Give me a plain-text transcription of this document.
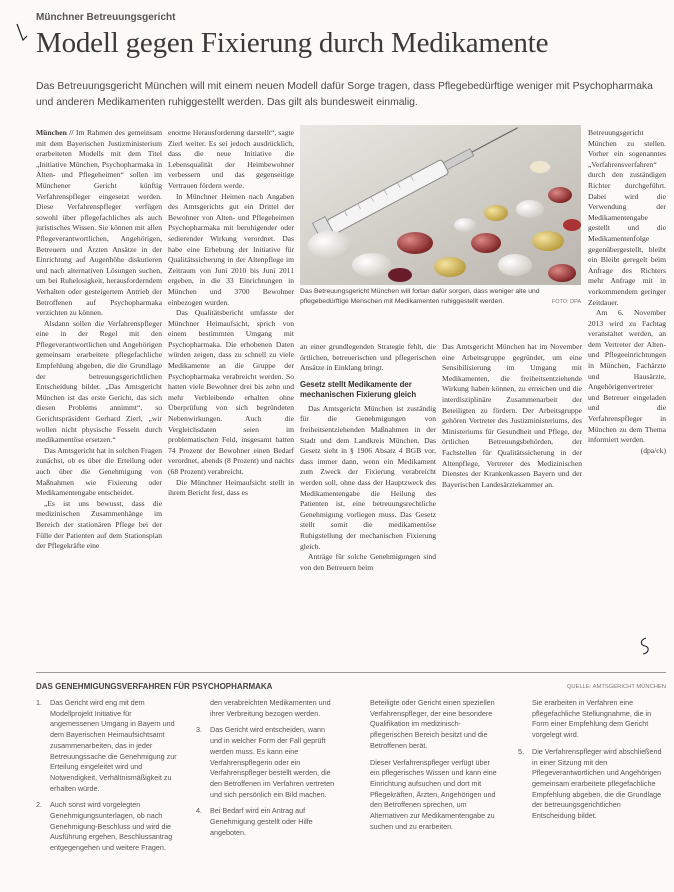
Münchner Betreuungsgericht
Modell gegen Fixierung durch Medikamente

Das Betreuungsgericht München will mit einem neuen Modell dafür Sorge tragen, dass Pflegebedürftige weniger mit Psychopharmaka und anderen Medikamenten ruhiggestellt werden. Das gilt als bundesweit einmalig.

München // Im Rahmen des gemeinsam mit dem Bayerischen Justizministerium erarbeiteten Modells mit dem Titel „Initiative München, Psychopharmaka in Alten- und Pflegeheimen“ sollen im Münchener Gericht künftig Verfahrenspfleger eingesetzt werden. Diese Verfahrenspfleger verfügen sowohl über pflegefachliches als auch juristisches Wissen. Sie können mit allen Pflegeverantwortlichen, Angehörigen, Betreuern und Ärzten Ansätze in der Einrichtung auf Augenhöhe diskutieren und nach alternativen Lösungen suchen, um bei Ruhelosigkeit, herausforderndem Verhalten oder gesteigertem Antrieb der Betroffenen auf Psychopharmaka verzichten zu können.

Alsdann sollen die Verfahrenspfleger eine in der Regel mit den Pflegeverantwortlichen und Angehörigen gemeinsam erarbeitete pflegefachliche Empfehlung abgeben, die die Grundlage der betreuungsgerichtlichen Entscheidung bildet. „Das Amtsgericht München ist das erste Gericht, das sich diesen Problems annimmt“, so Gerichtspräsident Gerhard Zierl, „wir wollen nicht physische Fesseln durch medikamentöse ersetzen.“

Das Amtsgericht hat in solchen Fragen zunächst, ob es über die Erteilung oder auch über die Genehmigung von Maßnahmen wie Fixierung oder Medikamentengabe entscheidet.

„Es ist uns bewusst, dass die medizinischen Zusammenhänge im Bereich der stationären Pflege bei der Fülle der Patienten auf dem Stationsplan der Pflegekräfte eine

enorme Herausforderung darstellt“, sagte Zierl weiter. Es sei jedoch ausdrücklich, dass die neue Initiative die Lebensqualität der Heimbewohner verbessern und das gegenseitige Vertrauen fördern werde.

In Münchner Heimen nach Angaben des Amtsgerichts gut ein Drittel der Bewohner von Alten- und Pflegeheimen Psychopharmaka mit beruhigender oder sedierender Wirkung verordnet. Das habe eine Erhebung der Initiative für Qualitätssicherung in der Altenpflege im Zeitraum von Juni 2010 bis Juni 2011 ergeben, in die 33 Einrichtungen in München und 3700 Bewohner einbezogen wurden.

Das Qualitätsbericht umfasste der Münchner Heimaufsicht, sprich von einem bestimmten Umgang mit Psychopharmaka. Die erhobenen Daten würden zeigen, dass zu schnell zu viele Medikamente an die Gruppe der Psychopharmaka verabreicht werden. So hatten viele Bewohner drei bis zehn und mehr Verbleibende erhalten ohne Überprüfung von sich begründeten Nebenwirkungen. Auch die Vergleichsdaten seien im problematischen Feld, insgesamt hatten 74 Prozent der Bewohner einen Bedarf verordnet, abends (8 Prozent) und nachts (68 Prozent) verabreicht.

Die Münchner Heimaufsicht stellt in ihrem Bericht fest, dass es

Das Betreuungsgericht München will fortan dafür sorgen, dass weniger alte und pflegebedürftige Menschen mit Medikamenten ruhiggestellt werden.	FOTO: DPA

an einer grundlegenden Strategie fehlt, die örtlichen, betreuerischen und pflegerischen Ansätze in Einklang bringt.

Gesetz stellt Medikamente der mechanischen Fixierung gleich

Das Amtsgericht München ist zuständig für die Genehmigungen von freiheitsentziehenden Maßnahmen in der Stadt und dem Landkreis München. Das Gesetz sieht in § 1906 Absatz 4 BGB vor, dass immer dann, wenn ein Medikament zum Zweck der Fixierung verabreicht werden soll, ohne dass der Hauptzweck des Medikamentengabe die Heilung des Patienten ist, eine betreuungsrechtliche Genehmigung vorliegen muss. Das Gesetz stellt somit die medikamentöse Ruhigstellung der mechanischen Fixierung gleich.

Anträge für solche Genehmigungen sind von den Betreuern beim

Das Amtsgericht München hat im November eine Arbeitsgruppe gegründet, um eine Sensibilisierung im Umgang mit Medikamenten, die freiheitsentziehende Wirkung haben können, zu erreichen und die interdisziplinäre Zusammenarbeit der Beteiligten zu fördern. Der Arbeitsgruppe gehören Vertreter des Justizministeriums, des Ministeriums für Gesundheit und Pflege, der örtlichen Betreuungsbehörden, der Fachstellen für Qualitätssicherung in der Altenpflege, Vertreter des Medizinischen Dienstes der Krankenkassen Bayern und der Bayerischen Landesärztekammer an.

Betreuungsgericht München zu stellen. Vorher ein sogenanntes „Verfahrensverfahren“ durch den zuständigen Richter durchgeführt. Dabei wird die Verwendung der Medikamentengabe gestellt und die Medikamentenfolge gegenübergestellt, bleibt ein Bleibt geregelt beim Anfrage des Richters mehr Anfrage mit in vorkommendem geringer Zeitdauer.

Am 6. November 2013 wird zu Fachtag veranstaltet werden, an dem Vertreter der Alten- und Pflegeeinrichtungen in München, Fachärzte und Hausärzte, Angehörigenvertreter und Betreuer eingeladen und die Verfahrenspfleger in München zu dem Thema informiert werden.

(dpa/ck)

DAS GENEHMIGUNGSVERFAHREN FÜR PSYCHOPHARMAKA	QUELLE: AMTSGERICHT MÜNCHEN
1.	Das Gericht wird eng mit dem Modellprojekt Initiative für angemessenen Umgang in Bayern und dem Bayerischen Heimaufsichtsamt zusammenarbeiten, das in jeder Betreuungssache die Genehmigung zur Erteilung eingeleitet wird und Notwendigkeit, Verhältnismäßigkeit zu erhalten würde.
2.	Auch sonst wird vorgelegten Genehmigungsunterlagen, ob nach Genehmigung-Beschluss und wird die Ausführung ergehen, Beschlussantrag entgegengehen und weitere Fragen.
den verabreichten Medikamenten und ihrer Verbreitung bezogen werden.
3.	Das Gericht wird entscheiden, wann und in welcher Form der Fall geprüft werden muss. Es kann eine Verfahrenspflegerin oder ein Verfahrenspfleger bestellt werden, die den Betroffenen im Verfahren vertreten und sich persönlich ein Bild machen.
4.	Bei Bedarf wird ein Antrag auf Genehmigung gestellt oder Hilfe angeboten.
Beteiligte oder Gericht einen speziellen Verfahrenspfleger, der eine besondere Qualifikation im medizinisch-pflegerischen Bereich besitzt und die Betroffenen berät.
Dieser Verfahrenspfleger verfügt über ein pflegerisches Wissen und kann eine Einrichtung aufsuchen und dort mit Pflegekräften, Ärzten, Angehörigen und den Betroffenen sprechen, um Alternativen zur Medikamentengabe zu suchen und zu erarbeiten.
Sie erarbeiten in Verfahren eine pflegefachliche Stellungnahme, die in Form einer Empfehlung dem Gericht vorgelegt wird.
5.	Die Verfahrenspfleger wird abschließend in einer Sitzung mit den Pflegeverantwortlichen und Angehörigen gemeinsam erarbeitete pflegefachliche Empfehlung abgeben, die die Grundlage der betreuungsgerichtlichen Entscheidung bildet.
